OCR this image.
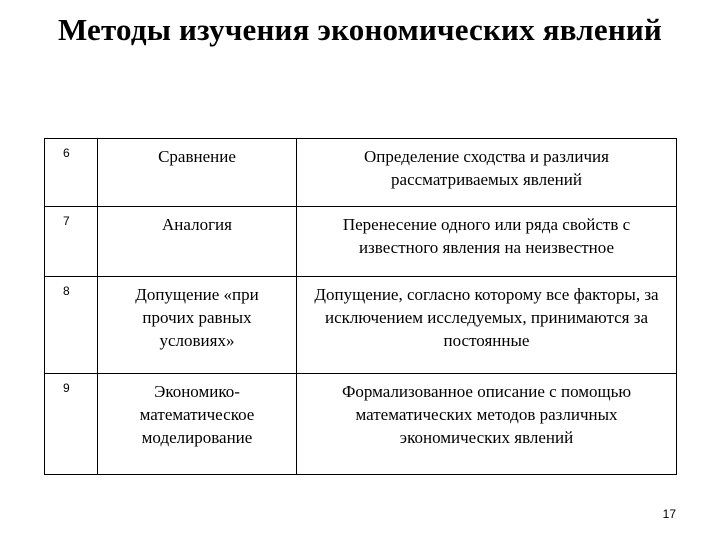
Методы изучения экономических явлений
6	Сравнение	Определение сходства и различия рассматриваемых явлений
7	Аналогия	Перенесение одного или ряда свойств с известного явления на неизвестное
8	Допущение «при прочих равных условиях»	Допущение, согласно которому все факторы, за исключением исследуемых, принимаются за постоянные
9	Экономико-математическое моделирование	Формализованное описание с помощью математических методов различных экономических явлений
17
